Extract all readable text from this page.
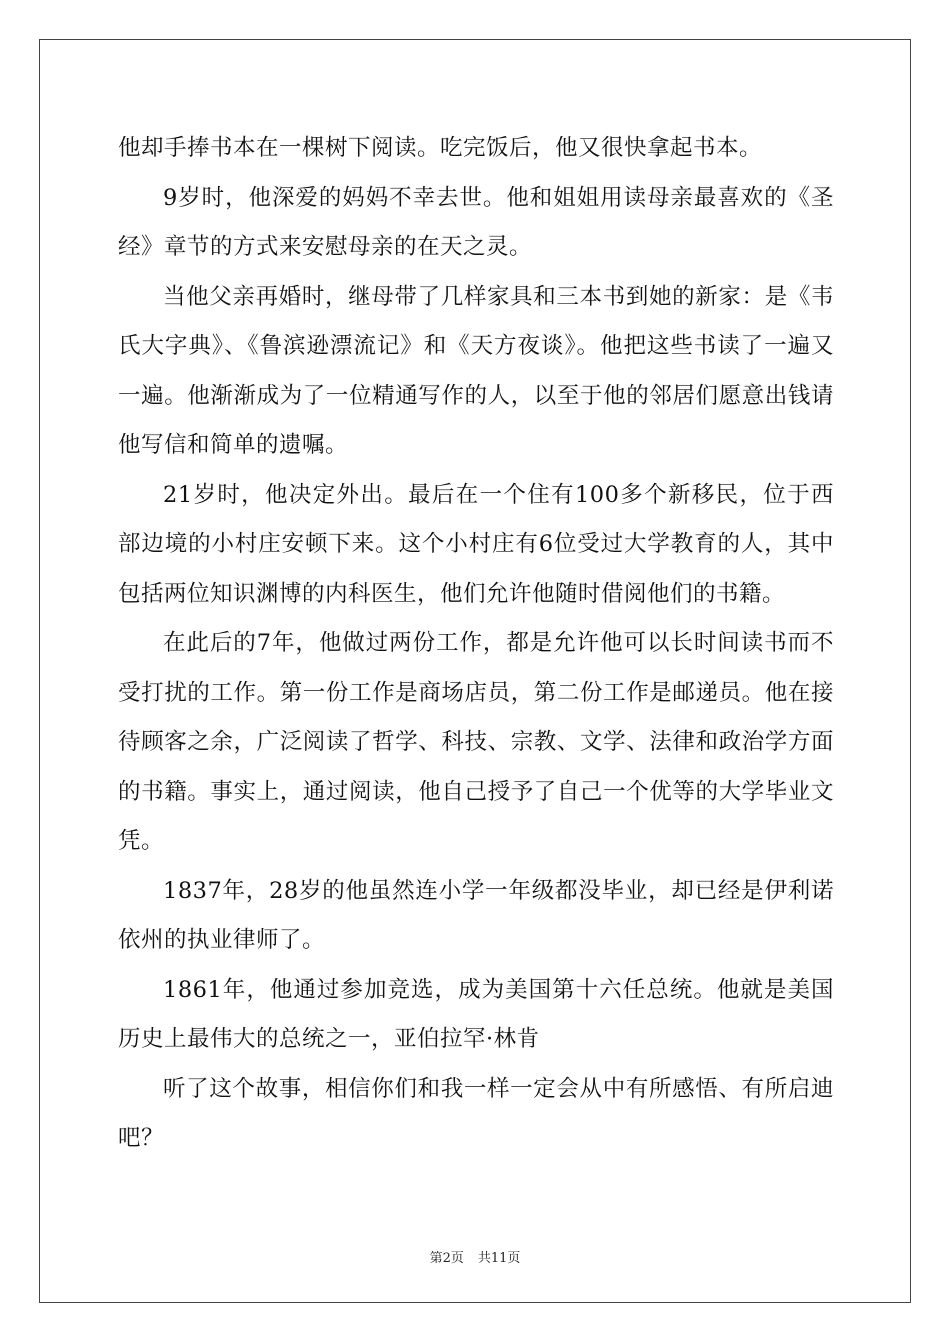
他却手捧书本在一棵树下阅读。吃完饭后，他又很快拿起书本。

9岁时，他深爱的妈妈不幸去世。他和姐姐用读母亲最喜欢的《圣经》章节的方式来安慰母亲的在天之灵。

当他父亲再婚时，继母带了几样家具和三本书到她的新家：是《韦氏大字典》、《鲁滨逊漂流记》和《天方夜谈》。他把这些书读了一遍又一遍。他渐渐成为了一位精通写作的人，以至于他的邻居们愿意出钱请他写信和简单的遗嘱。

21岁时，他决定外出。最后在一个住有100多个新移民，位于西部边境的小村庄安顿下来。这个小村庄有6位受过大学教育的人，其中包括两位知识渊博的内科医生，他们允许他随时借阅他们的书籍。

在此后的7年，他做过两份工作，都是允许他可以长时间读书而不受打扰的工作。第一份工作是商场店员，第二份工作是邮递员。他在接待顾客之余，广泛阅读了哲学、科技、宗教、文学、法律和政治学方面的书籍。事实上，通过阅读，他自己授予了自己一个优等的大学毕业文凭。

1837年，28岁的他虽然连小学一年级都没毕业，却已经是伊利诺依州的执业律师了。

1861年，他通过参加竞选，成为美国第十六任总统。他就是美国历史上最伟大的总统之一，亚伯拉罕·林肯

听了这个故事，相信你们和我一样一定会从中有所感悟、有所启迪吧？

第2页 共11页
